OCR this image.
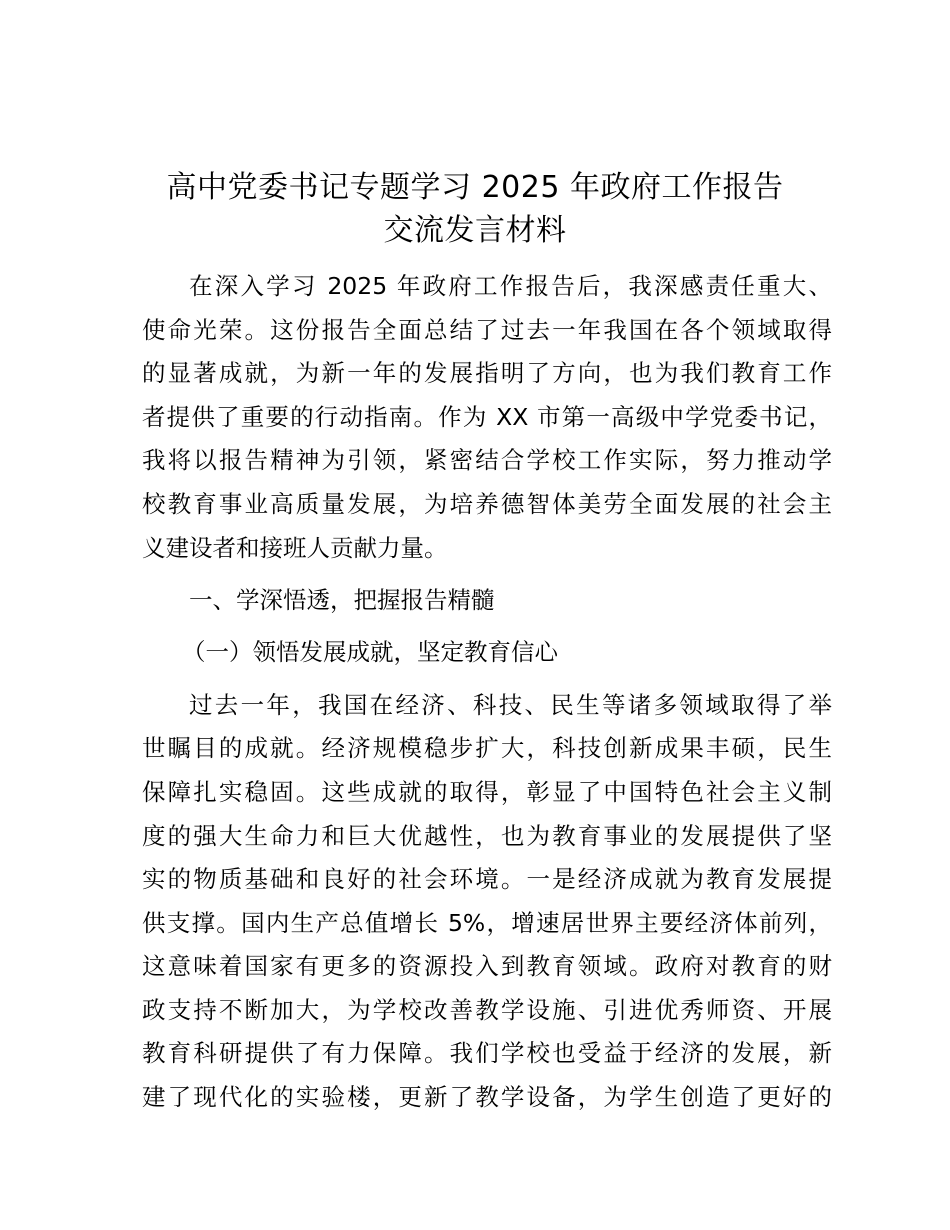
高中党委书记专题学习 2025 年政府工作报告
交流发言材料
在深入学习 2025 年政府工作报告后，我深感责任重大、
使命光荣。这份报告全面总结了过去一年我国在各个领域取得
的显著成就，为新一年的发展指明了方向，也为我们教育工作
者提供了重要的行动指南。作为 XX 市第一高级中学党委书记，
我将以报告精神为引领，紧密结合学校工作实际，努力推动学
校教育事业高质量发展，为培养德智体美劳全面发展的社会主
义建设者和接班人贡献力量。
一、学深悟透，把握报告精髓
（一）领悟发展成就，坚定教育信心
过去一年，我国在经济、科技、民生等诸多领域取得了举
世瞩目的成就。经济规模稳步扩大，科技创新成果丰硕，民生
保障扎实稳固。这些成就的取得，彰显了中国特色社会主义制
度的强大生命力和巨大优越性，也为教育事业的发展提供了坚
实的物质基础和良好的社会环境。一是经济成就为教育发展提
供支撑。国内生产总值增长 5%，增速居世界主要经济体前列，
这意味着国家有更多的资源投入到教育领域。政府对教育的财
政支持不断加大，为学校改善教学设施、引进优秀师资、开展
教育科研提供了有力保障。我们学校也受益于经济的发展，新
建了现代化的实验楼，更新了教学设备，为学生创造了更好的
